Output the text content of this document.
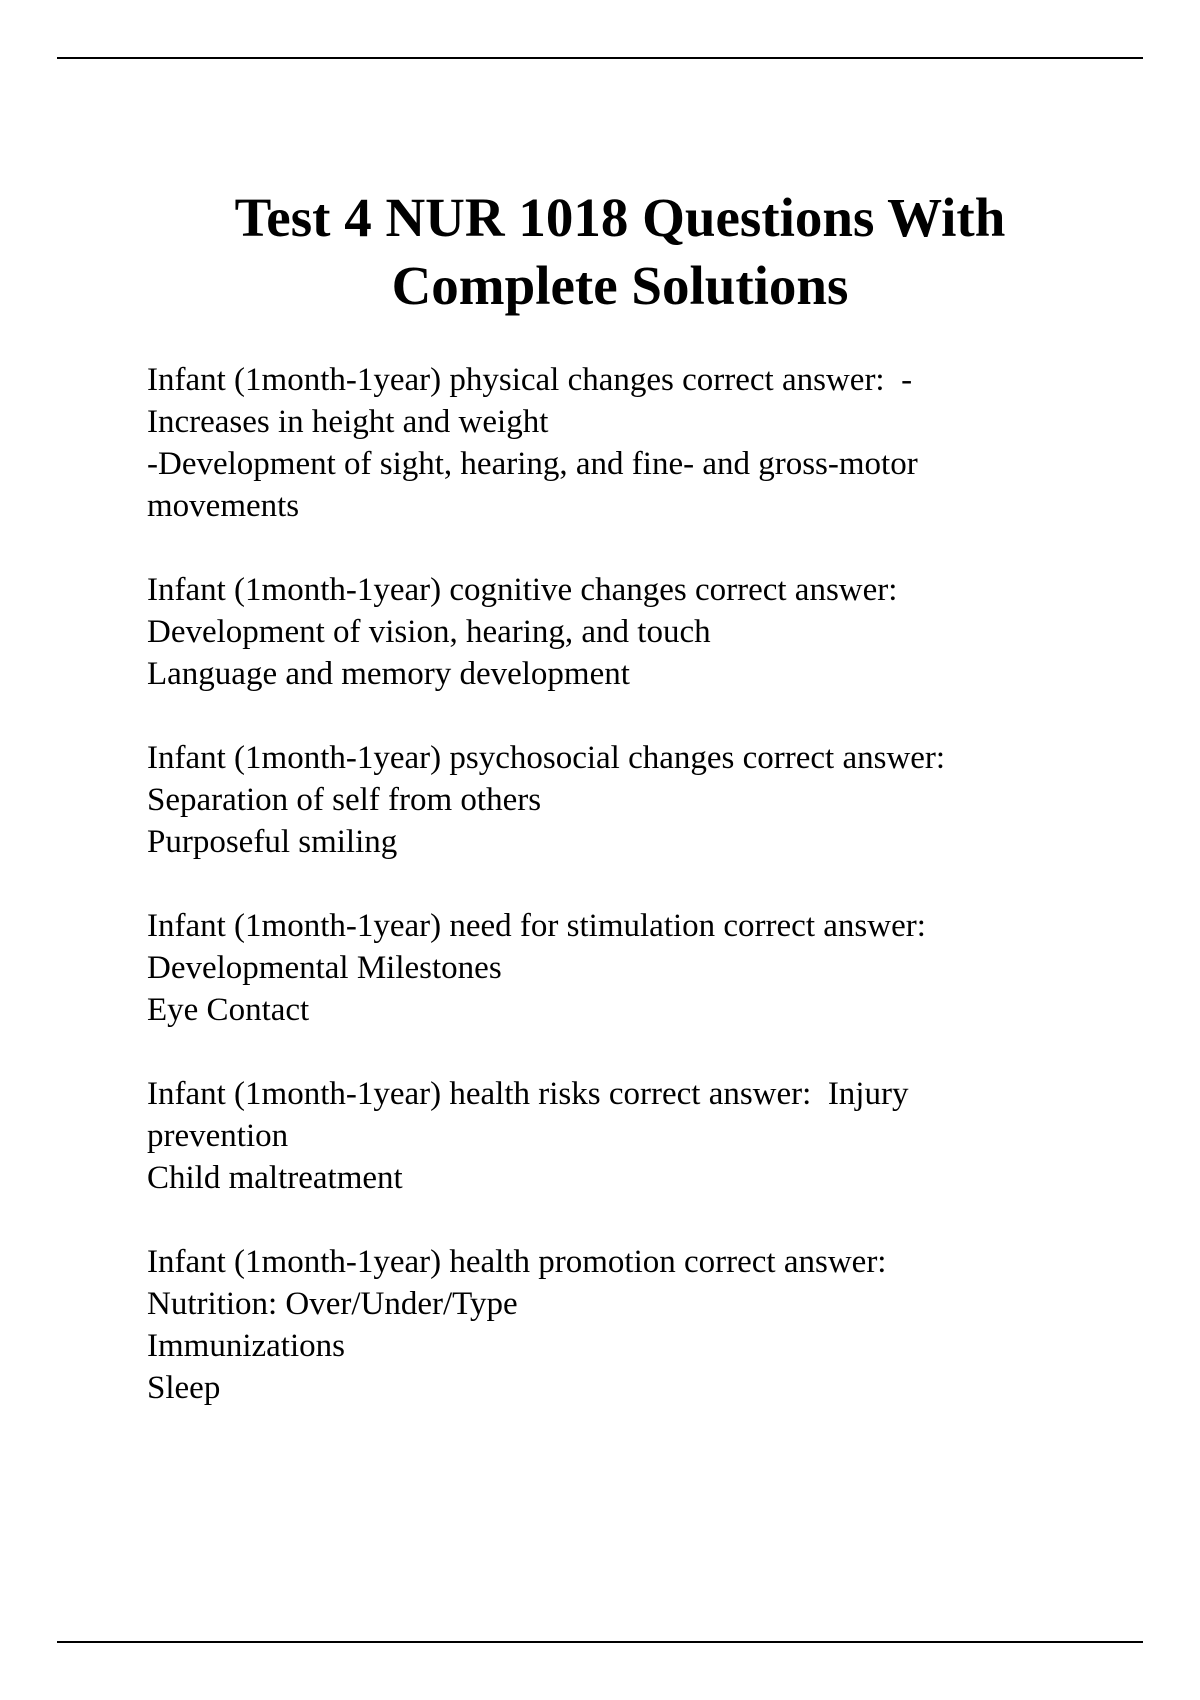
Test 4 NUR 1018 Questions With
Complete Solutions
Infant (1month-1year) physical changes correct answer:  -
Increases in height and weight
-Development of sight, hearing, and fine- and gross-motor
movements
Infant (1month-1year) cognitive changes correct answer:
Development of vision, hearing, and touch
Language and memory development
Infant (1month-1year) psychosocial changes correct answer:
Separation of self from others
Purposeful smiling
Infant (1month-1year) need for stimulation correct answer:
Developmental Milestones
Eye Contact
Infant (1month-1year) health risks correct answer:  Injury
prevention
Child maltreatment
Infant (1month-1year) health promotion correct answer:
Nutrition: Over/Under/Type
Immunizations
Sleep
